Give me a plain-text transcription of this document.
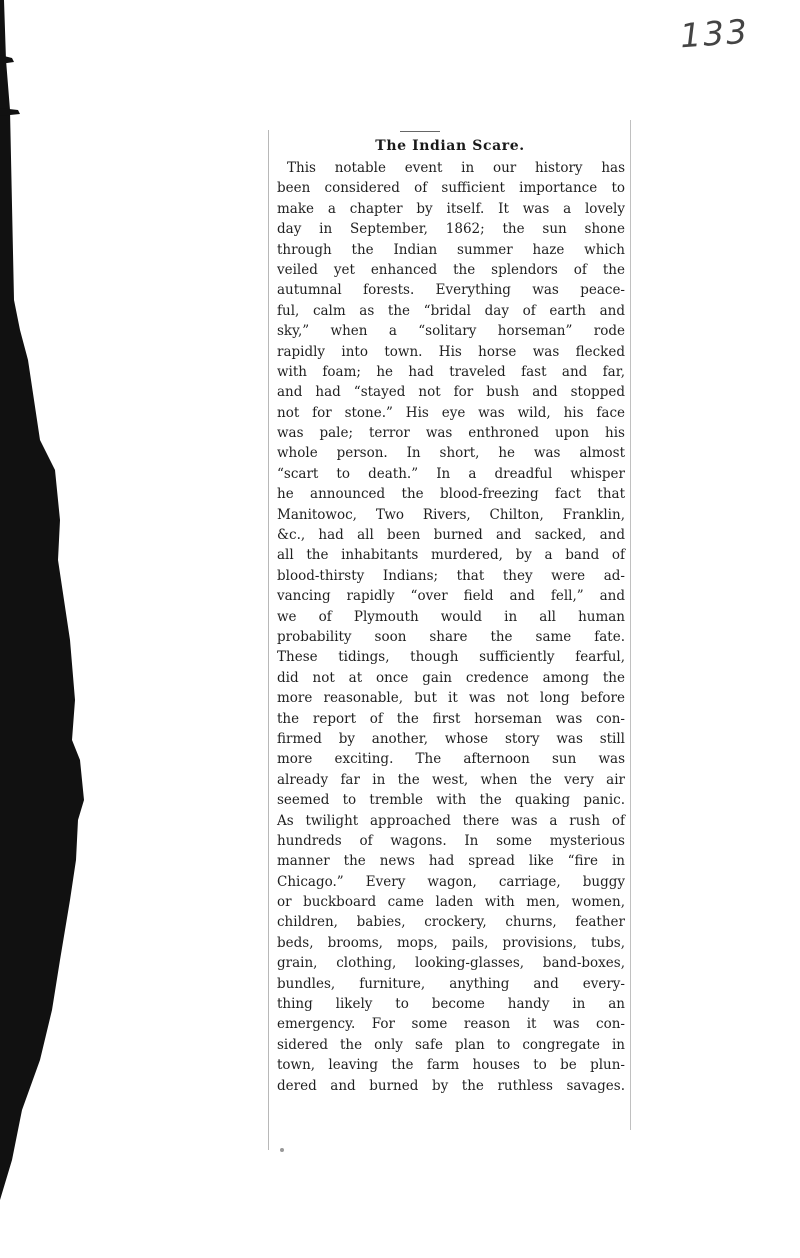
133
The Indian Scare.
This notable event in our history has
been considered of sufficient importance to
make a chapter by itself. It was a lovely
day in September, 1862; the sun shone
through the Indian summer haze which
veiled yet enhanced the splendors of the
autumnal forests. Everything was peace-
ful, calm as the “bridal day of earth and
sky,” when a “solitary horseman” rode
rapidly into town. His horse was flecked
with foam; he had traveled fast and far,
and had “stayed not for bush and stopped
not for stone.” His eye was wild, his face
was pale; terror was enthroned upon his
whole person. In short, he was almost
“scart to death.” In a dreadful whisper
he announced the blood-freezing fact that
Manitowoc, Two Rivers, Chilton, Franklin,
&c., had all been burned and sacked, and
all the inhabitants murdered, by a band of
blood-thirsty Indians; that they were ad-
vancing rapidly “over field and fell,” and
we of Plymouth would in all human
probability soon share the same fate.
These tidings, though sufficiently fearful,
did not at once gain credence among the
more reasonable, but it was not long before
the report of the first horseman was con-
firmed by another, whose story was still
more exciting. The afternoon sun was
already far in the west, when the very air
seemed to tremble with the quaking panic.
As twilight approached there was a rush of
hundreds of wagons. In some mysterious
manner the news had spread like “fire in
Chicago.” Every wagon, carriage, buggy
or buckboard came laden with men, women,
children, babies, crockery, churns, feather
beds, brooms, mops, pails, provisions, tubs,
grain, clothing, looking-glasses, band-boxes,
bundles, furniture, anything and every-
thing likely to become handy in an
emergency. For some reason it was con-
sidered the only safe plan to congregate in
town, leaving the farm houses to be plun-
dered and burned by the ruthless savages.
